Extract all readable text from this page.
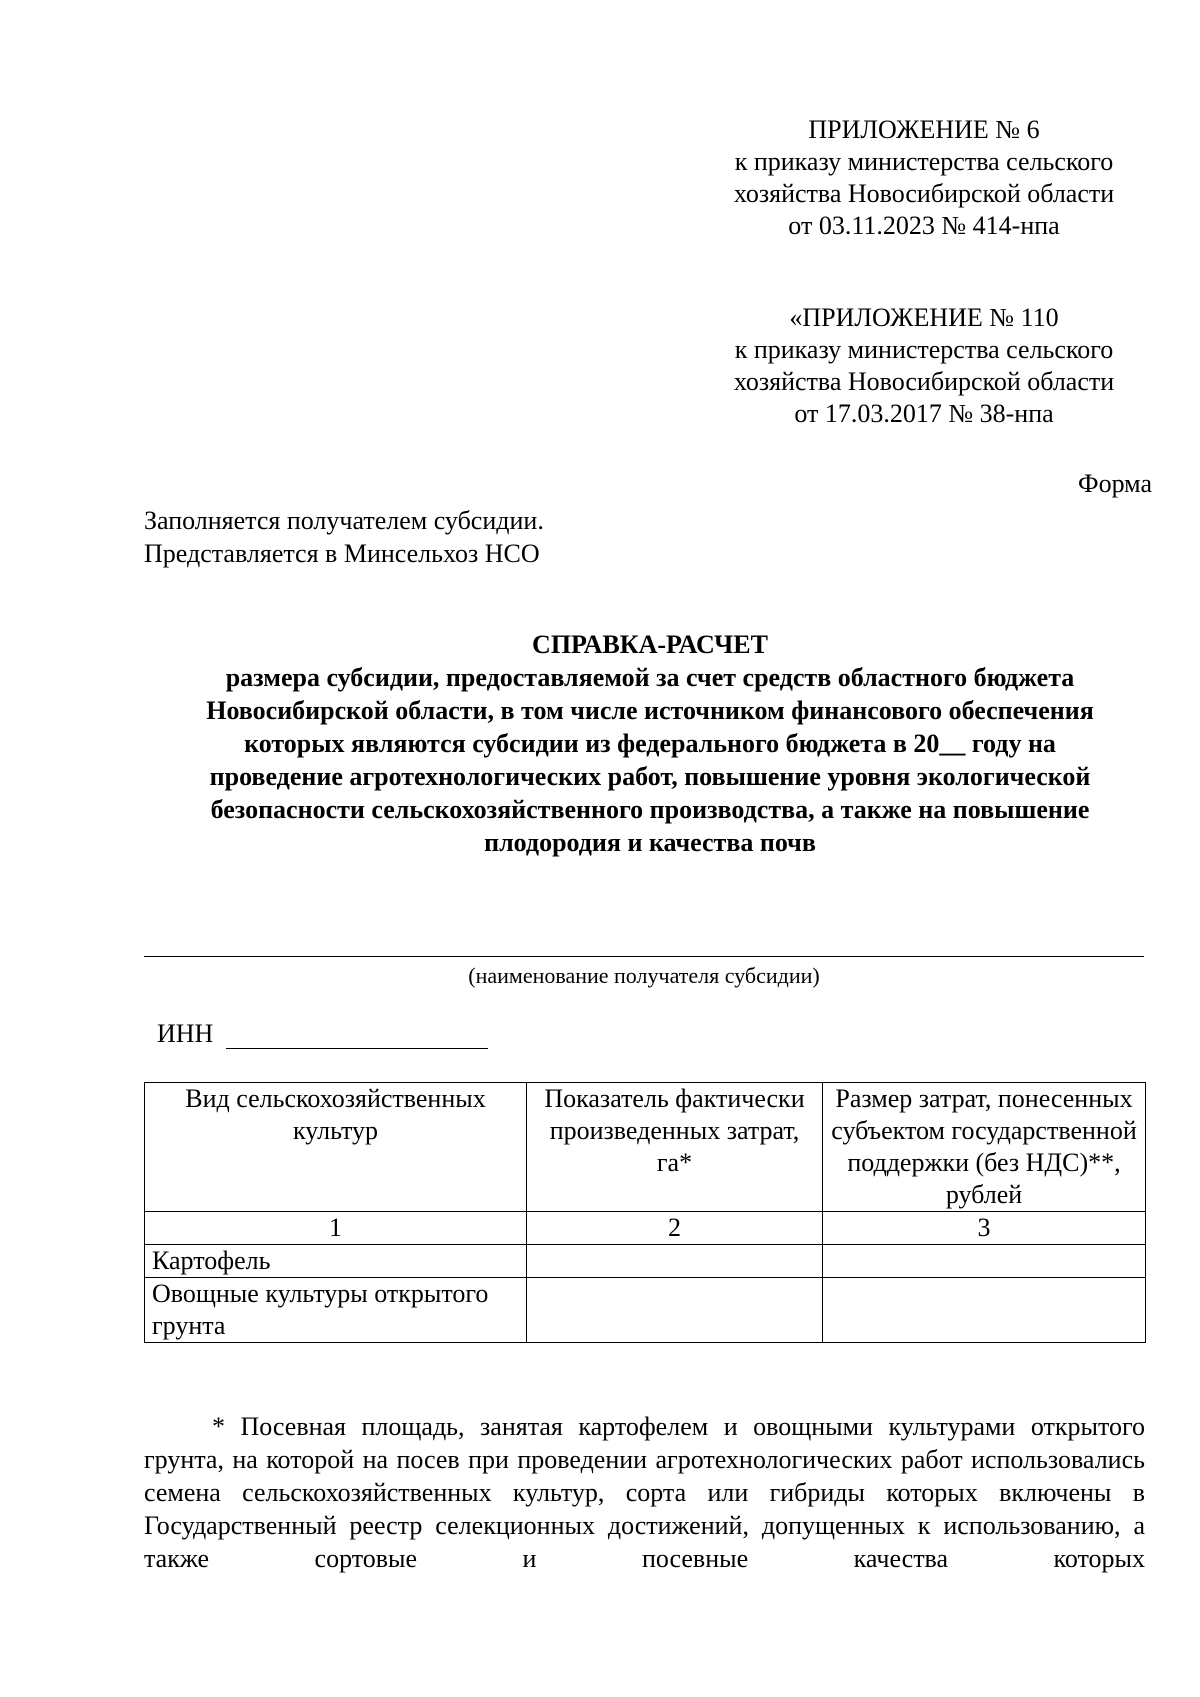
ПРИЛОЖЕНИЕ № 6
к приказу министерства сельского
хозяйства Новосибирской области
от 03.11.2023 № 414-нпа
«ПРИЛОЖЕНИЕ № 110
к приказу министерства сельского
хозяйства Новосибирской области
от 17.03.2017 № 38-нпа
Форма
Заполняется получателем субсидии.
Представляется в Минсельхоз НСО
СПРАВКА-РАСЧЕТ
размера субсидии, предоставляемой за счет средств областного бюджета
Новосибирской области, в том числе источником финансового обеспечения
которых являются субсидии из федерального бюджета в 20__ году на
проведение агротехнологических работ, повышение уровня экологической
безопасности сельскохозяйственного производства, а также на повышение
плодородия и качества почв
(наименование получателя субсидии)
ИНН
Вид сельскохозяйственных культур	Показатель фактически произведенных затрат, га*	Размер затрат, понесенных субъектом государственной поддержки (без НДС)**, рублей
1	2	3
Картофель		
Овощные культуры открытого грунта		
* Посевная площадь, занятая картофелем и овощными культурами открытого грунта, на которой на посев при проведении агротехнологических работ использовались семена сельскохозяйственных культур, сорта или гибриды которых включены в Государственный реестр селекционных достижений, допущенных к использованию, а также сортовые и посевные качества которых
